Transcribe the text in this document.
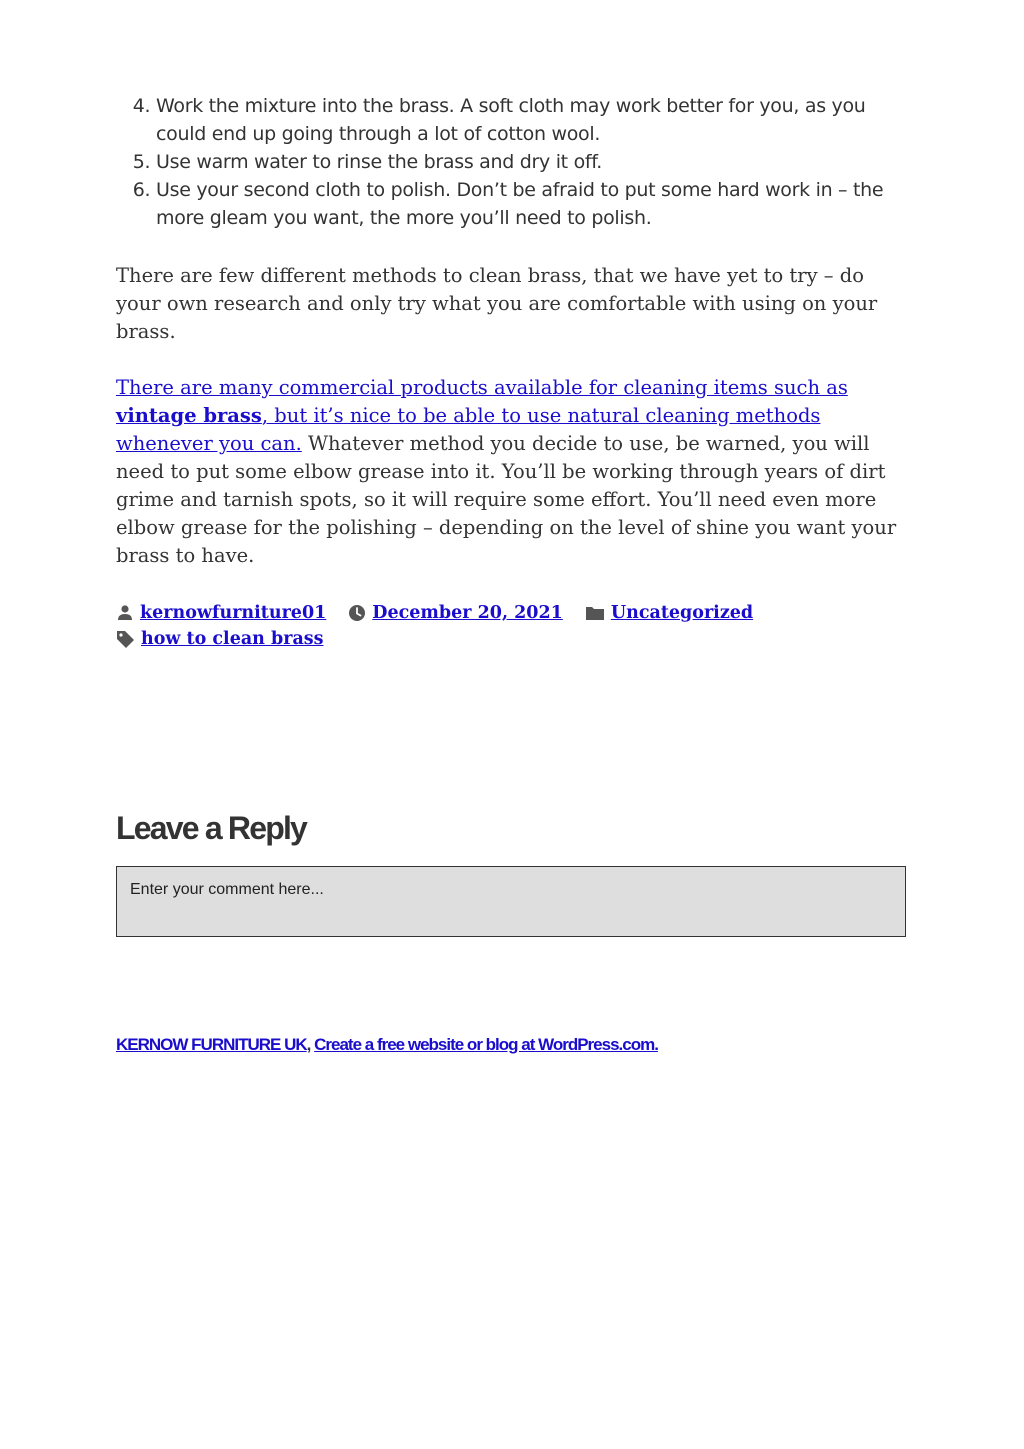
4. Work the mixture into the brass. A soft cloth may work better for you, as you could end up going through a lot of cotton wool.
5. Use warm water to rinse the brass and dry it off.
6. Use your second cloth to polish. Don’t be afraid to put some hard work in – the more gleam you want, the more you’ll need to polish.

There are few different methods to clean brass, that we have yet to try – do your own research and only try what you are comfortable with using on your brass.

There are many commercial products available for cleaning items such as vintage brass, but it’s nice to be able to use natural cleaning methods whenever you can. Whatever method you decide to use, be warned, you will need to put some elbow grease into it. You’ll be working through years of dirt grime and tarnish spots, so it will require some effort. You’ll need even more elbow grease for the polishing – depending on the level of shine you want your brass to have.

kernowfurniture01	December 20, 2021	Uncategorized
how to clean brass
Leave a Reply
Enter your comment here...
KERNOW FURNITURE UK, Create a free website or blog at WordPress.com.
